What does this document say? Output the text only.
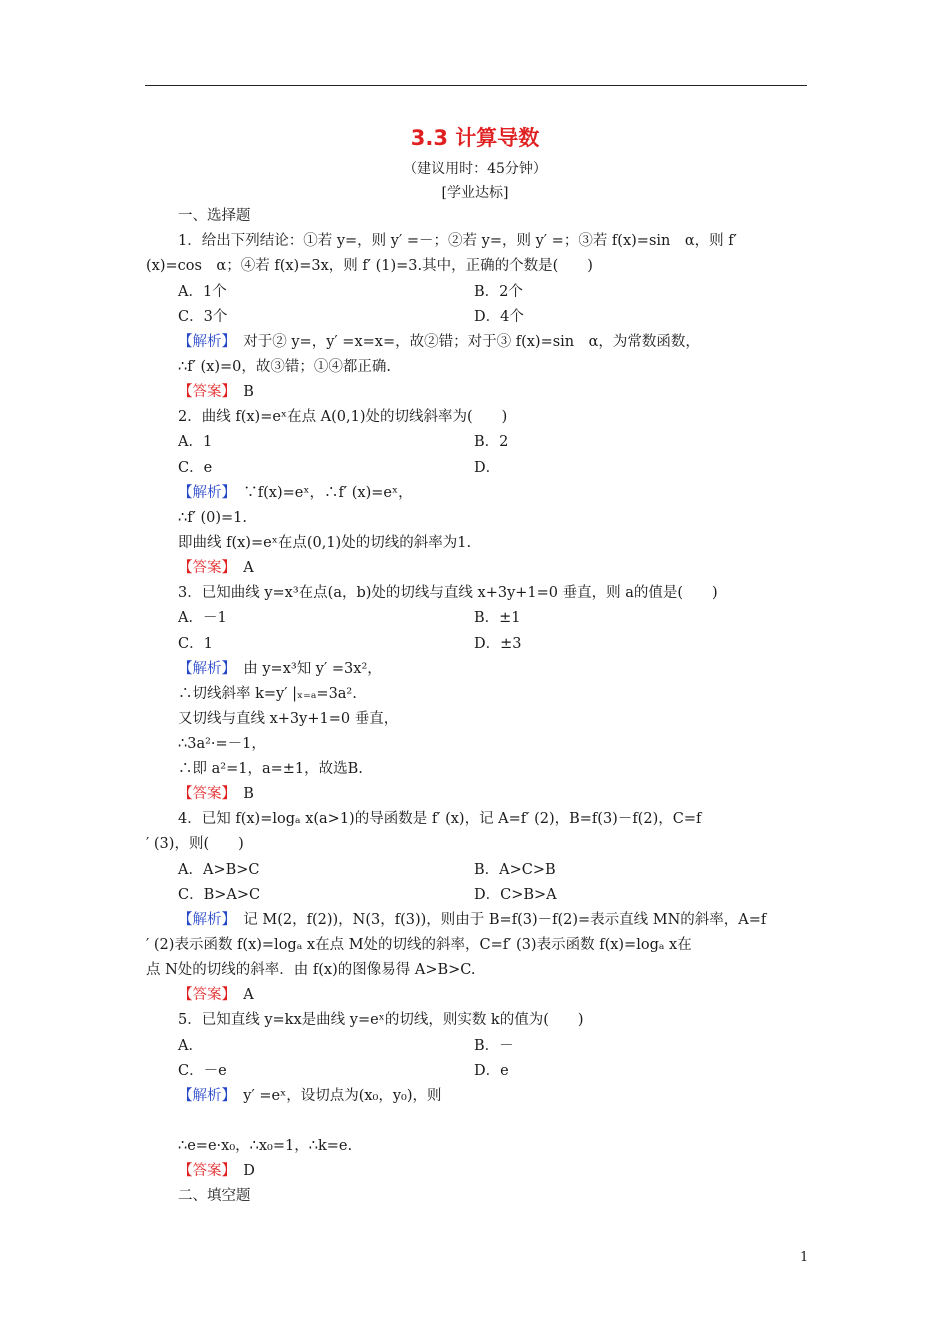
3.3 计算导数
（建议用时：45分钟）
[学业达标]
一、选择题
1．给出下列结论：①若 y=，则 y′ =－；②若 y=，则 y′ =；③若 f(x)=sin　α，则 f′
(x)=cos　α；④若 f(x)=3x，则 f′ (1)=3.其中，正确的个数是(　　)
A．1个	B．2个
C．3个	D．4个
【解析】　对于② y=，y′ =x=x=，故②错；对于③ f(x)=sin　α，为常数函数，
∴f′ (x)=0，故③错；①④都正确.
【答案】　B
2．曲线 f(x)=eˣ在点 A(0,1)处的切线斜率为(　　)
A．1	B．2
C．e	D．
【解析】　∵f(x)=eˣ，∴f′ (x)=eˣ，
∴f′ (0)=1.
即曲线 f(x)=eˣ在点(0,1)处的切线的斜率为1.
【答案】　A
3．已知曲线 y=x³在点(a，b)处的切线与直线 x+3y+1=0 垂直，则 a的值是(　　)
A．－1	B．±1
C．1	D．±3
【解析】　由 y=x³知 y′ =3x²，
∴切线斜率 k=y′ |ₓ₌ₐ=3a².
又切线与直线 x+3y+1=0 垂直，
∴3a²·=－1，
∴即 a²=1，a=±1，故选B.
【答案】　B
4．已知 f(x)=logₐ x(a>1)的导函数是 f′ (x)，记 A=f′ (2)，B=f(3)－f(2)，C=f
′ (3)，则(　　)
A．A>B>C	B．A>C>B
C．B>A>C	D．C>B>A
【解析】　记 M(2，f(2))，N(3，f(3))，则由于 B=f(3)－f(2)=表示直线 MN的斜率，A=f
′ (2)表示函数 f(x)=logₐ x在点 M处的切线的斜率，C=f′ (3)表示函数 f(x)=logₐ x在
点 N处的切线的斜率．由 f(x)的图像易得 A>B>C.
【答案】　A
5．已知直线 y=kx是曲线 y=eˣ的切线，则实数 k的值为(　　)
A．	B．－
C．－e	D．e
【解析】　y′ =eˣ，设切点为(x₀，y₀)，则
∴e=e·x₀，∴x₀=1，∴k=e.
【答案】　D
二、填空题
1
